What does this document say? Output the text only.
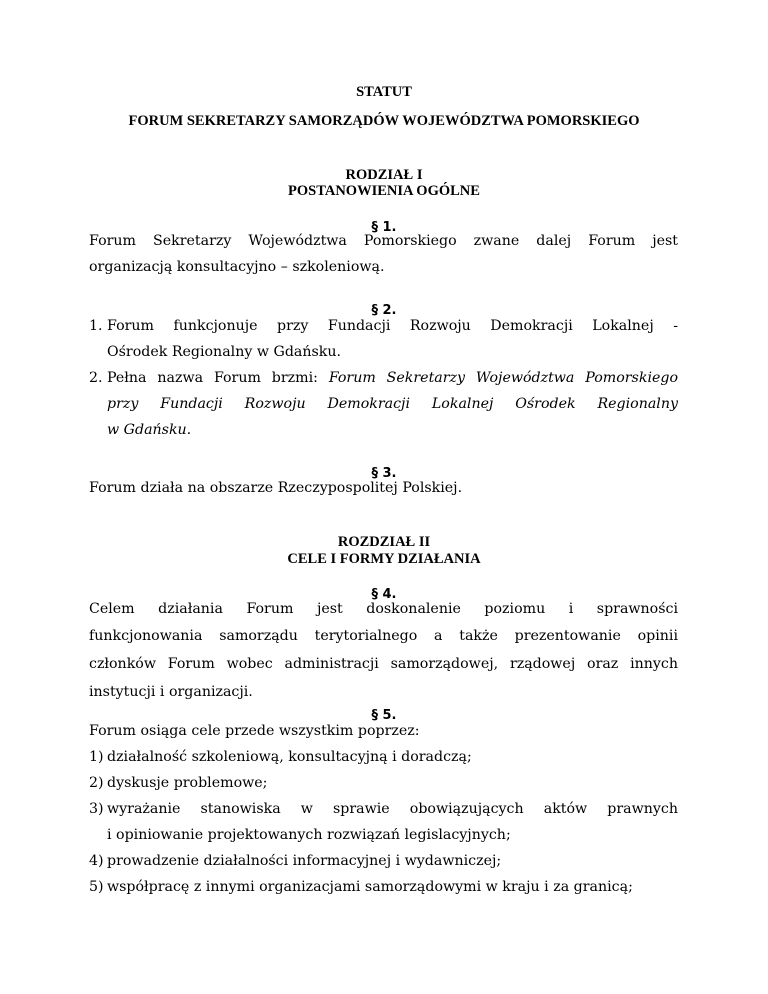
STATUT
FORUM SEKRETARZY SAMORZĄDÓW WOJEWÓDZTWA POMORSKIEGO
RODZIAŁ I
POSTANOWIENIA OGÓLNE
§ 1.
Forum Sekretarzy Województwa Pomorskiego zwane dalej Forum jest
organizacją konsultacyjno – szkoleniową.
§ 2.
1. Forum funkcjonuje przy Fundacji Rozwoju Demokracji Lokalnej -
Ośrodek Regionalny w Gdańsku.
2. Pełna nazwa Forum brzmi: Forum Sekretarzy Województwa Pomorskiego
przy Fundacji Rozwoju Demokracji Lokalnej Ośrodek Regionalny
w Gdańsku.
§ 3.
Forum działa na obszarze Rzeczypospolitej Polskiej.
ROZDZIAŁ II
CELE I FORMY DZIAŁANIA
§ 4.
Celem działania Forum jest doskonalenie poziomu i sprawności
funkcjonowania samorządu terytorialnego a także prezentowanie opinii
członków Forum wobec administracji samorządowej, rządowej oraz innych
instytucji i organizacji.
§ 5.
Forum osiąga cele przede wszystkim poprzez:
1) działalność szkoleniową, konsultacyjną i doradczą;
2) dyskusje problemowe;
3) wyrażanie stanowiska w sprawie obowiązujących aktów prawnych
i opiniowanie projektowanych rozwiązań legislacyjnych;
4) prowadzenie działalności informacyjnej i wydawniczej;
5) współpracę z innymi organizacjami samorządowymi w kraju i za granicą;
